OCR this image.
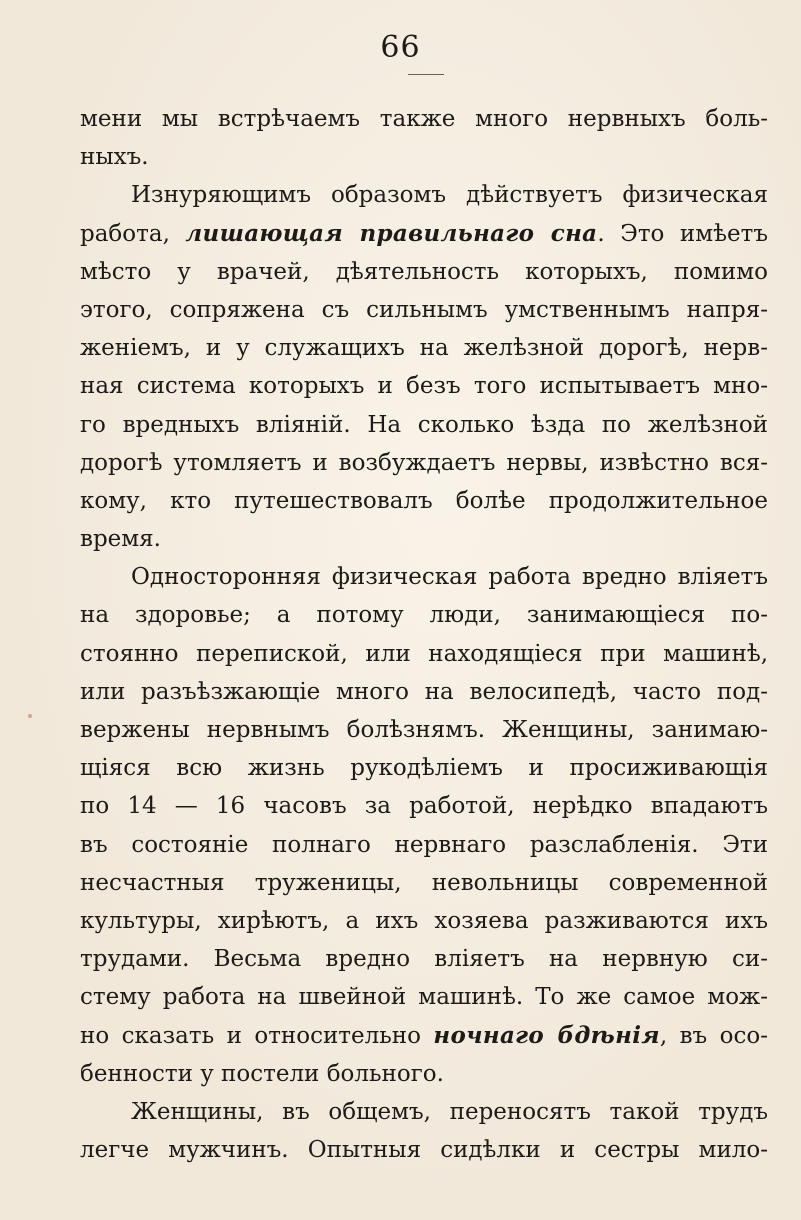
66
мени мы встрѣчаемъ также много нервныхъ боль-
ныхъ.
Изнуряющимъ образомъ дѣйствуетъ физическая
работа, лишающая правильнаго сна. Это имѣетъ
мѣсто у врачей, дѣятельность которыхъ, помимо
этого, сопряжена съ сильнымъ умственнымъ напря-
женіемъ, и у служащихъ на желѣзной дорогѣ, нерв-
ная система которыхъ и безъ того испытываетъ мно-
го вредныхъ вліяній. На сколько ѣзда по желѣзной
дорогѣ утомляетъ и возбуждаетъ нервы, извѣстно вся-
кому, кто путешествовалъ болѣе продолжительное
время.
Односторонняя физическая работа вредно вліяетъ
на здоровье; а потому люди, занимающіеся по-
стоянно перепиской, или находящіеся при машинѣ,
или разъѣзжающіе много на велосипедѣ, часто под-
вержены нервнымъ болѣзнямъ. Женщины, занимаю-
щіяся всю жизнь рукодѣліемъ и просиживающія
по 14 — 16 часовъ за работой, нерѣдко впадаютъ
въ состояніе полнаго нервнаго разслабленія. Эти
несчастныя труженицы, невольницы современной
культуры, хирѣютъ, а ихъ хозяева разживаются ихъ
трудами. Весьма вредно вліяетъ на нервную си-
стему работа на швейной машинѣ. То же самое мож-
но сказать и относительно ночнаго бдѣнія, въ осо-
бенности у постели больного.
Женщины, въ общемъ, переносятъ такой трудъ
легче мужчинъ. Опытныя сидѣлки и сестры мило-
